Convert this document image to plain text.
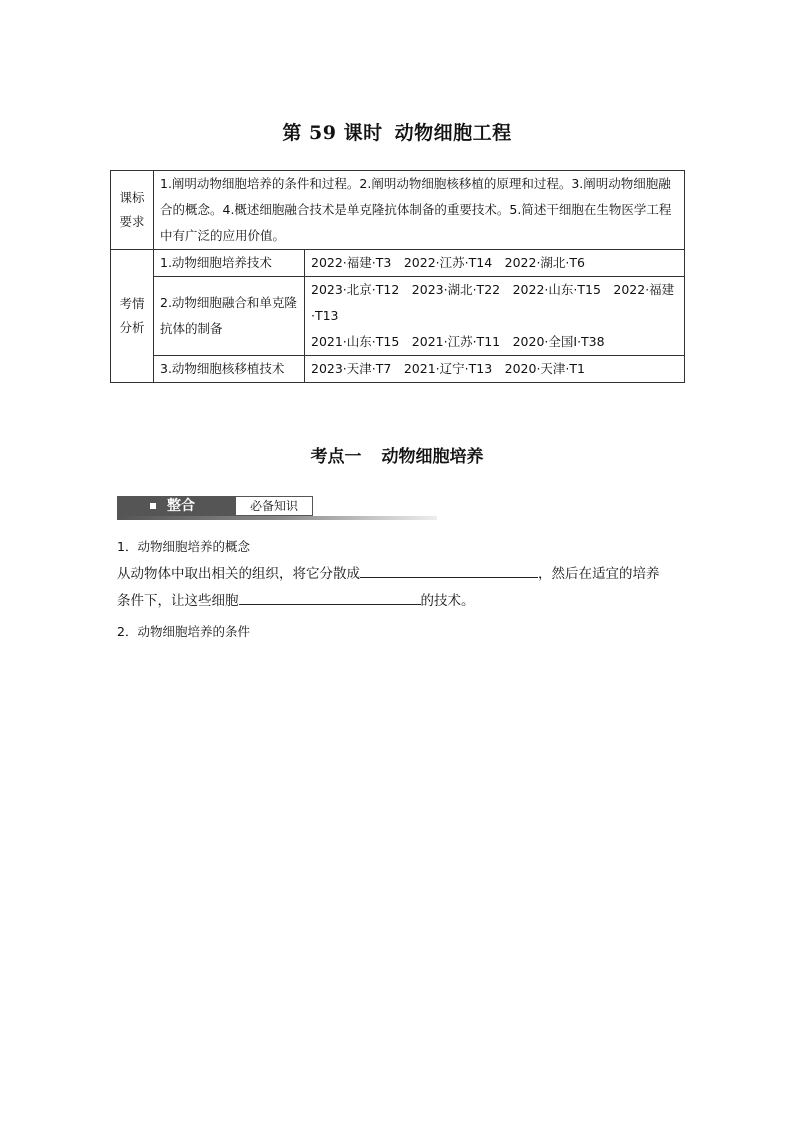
第 59 课时 动物细胞工程
课标
要求	1.阐明动物细胞培养的条件和过程。2.阐明动物细胞核移植的原理和过程。3.阐明动物细胞融合的概念。4.概述细胞融合技术是单克隆抗体制备的重要技术。5.简述干细胞在生物医学工程中有广泛的应用价值。	

考情
分析	1.动物细胞培养技术	2022·福建·T3　2022·江苏·T14　2022·湖北·T6
	2.动物细胞融合和单克隆抗体的制备	2023·北京·T12　2023·湖北·T22　2022·山东·T15　2022·福建·T13
2021·山东·T15　2021·江苏·T11　2020·全国Ⅰ·T38

	3.动物细胞核移植技术	2023·天津·T7　2021·辽宁·T13　2020·天津·T1
考点一 动物细胞培养
整合	必备知识
1．动物细胞培养的概念
从动物体中取出相关的组织，将它分散成	，然后在适宜的培养
条件下，让这些细胞	的技术。
2．动物细胞培养的条件
